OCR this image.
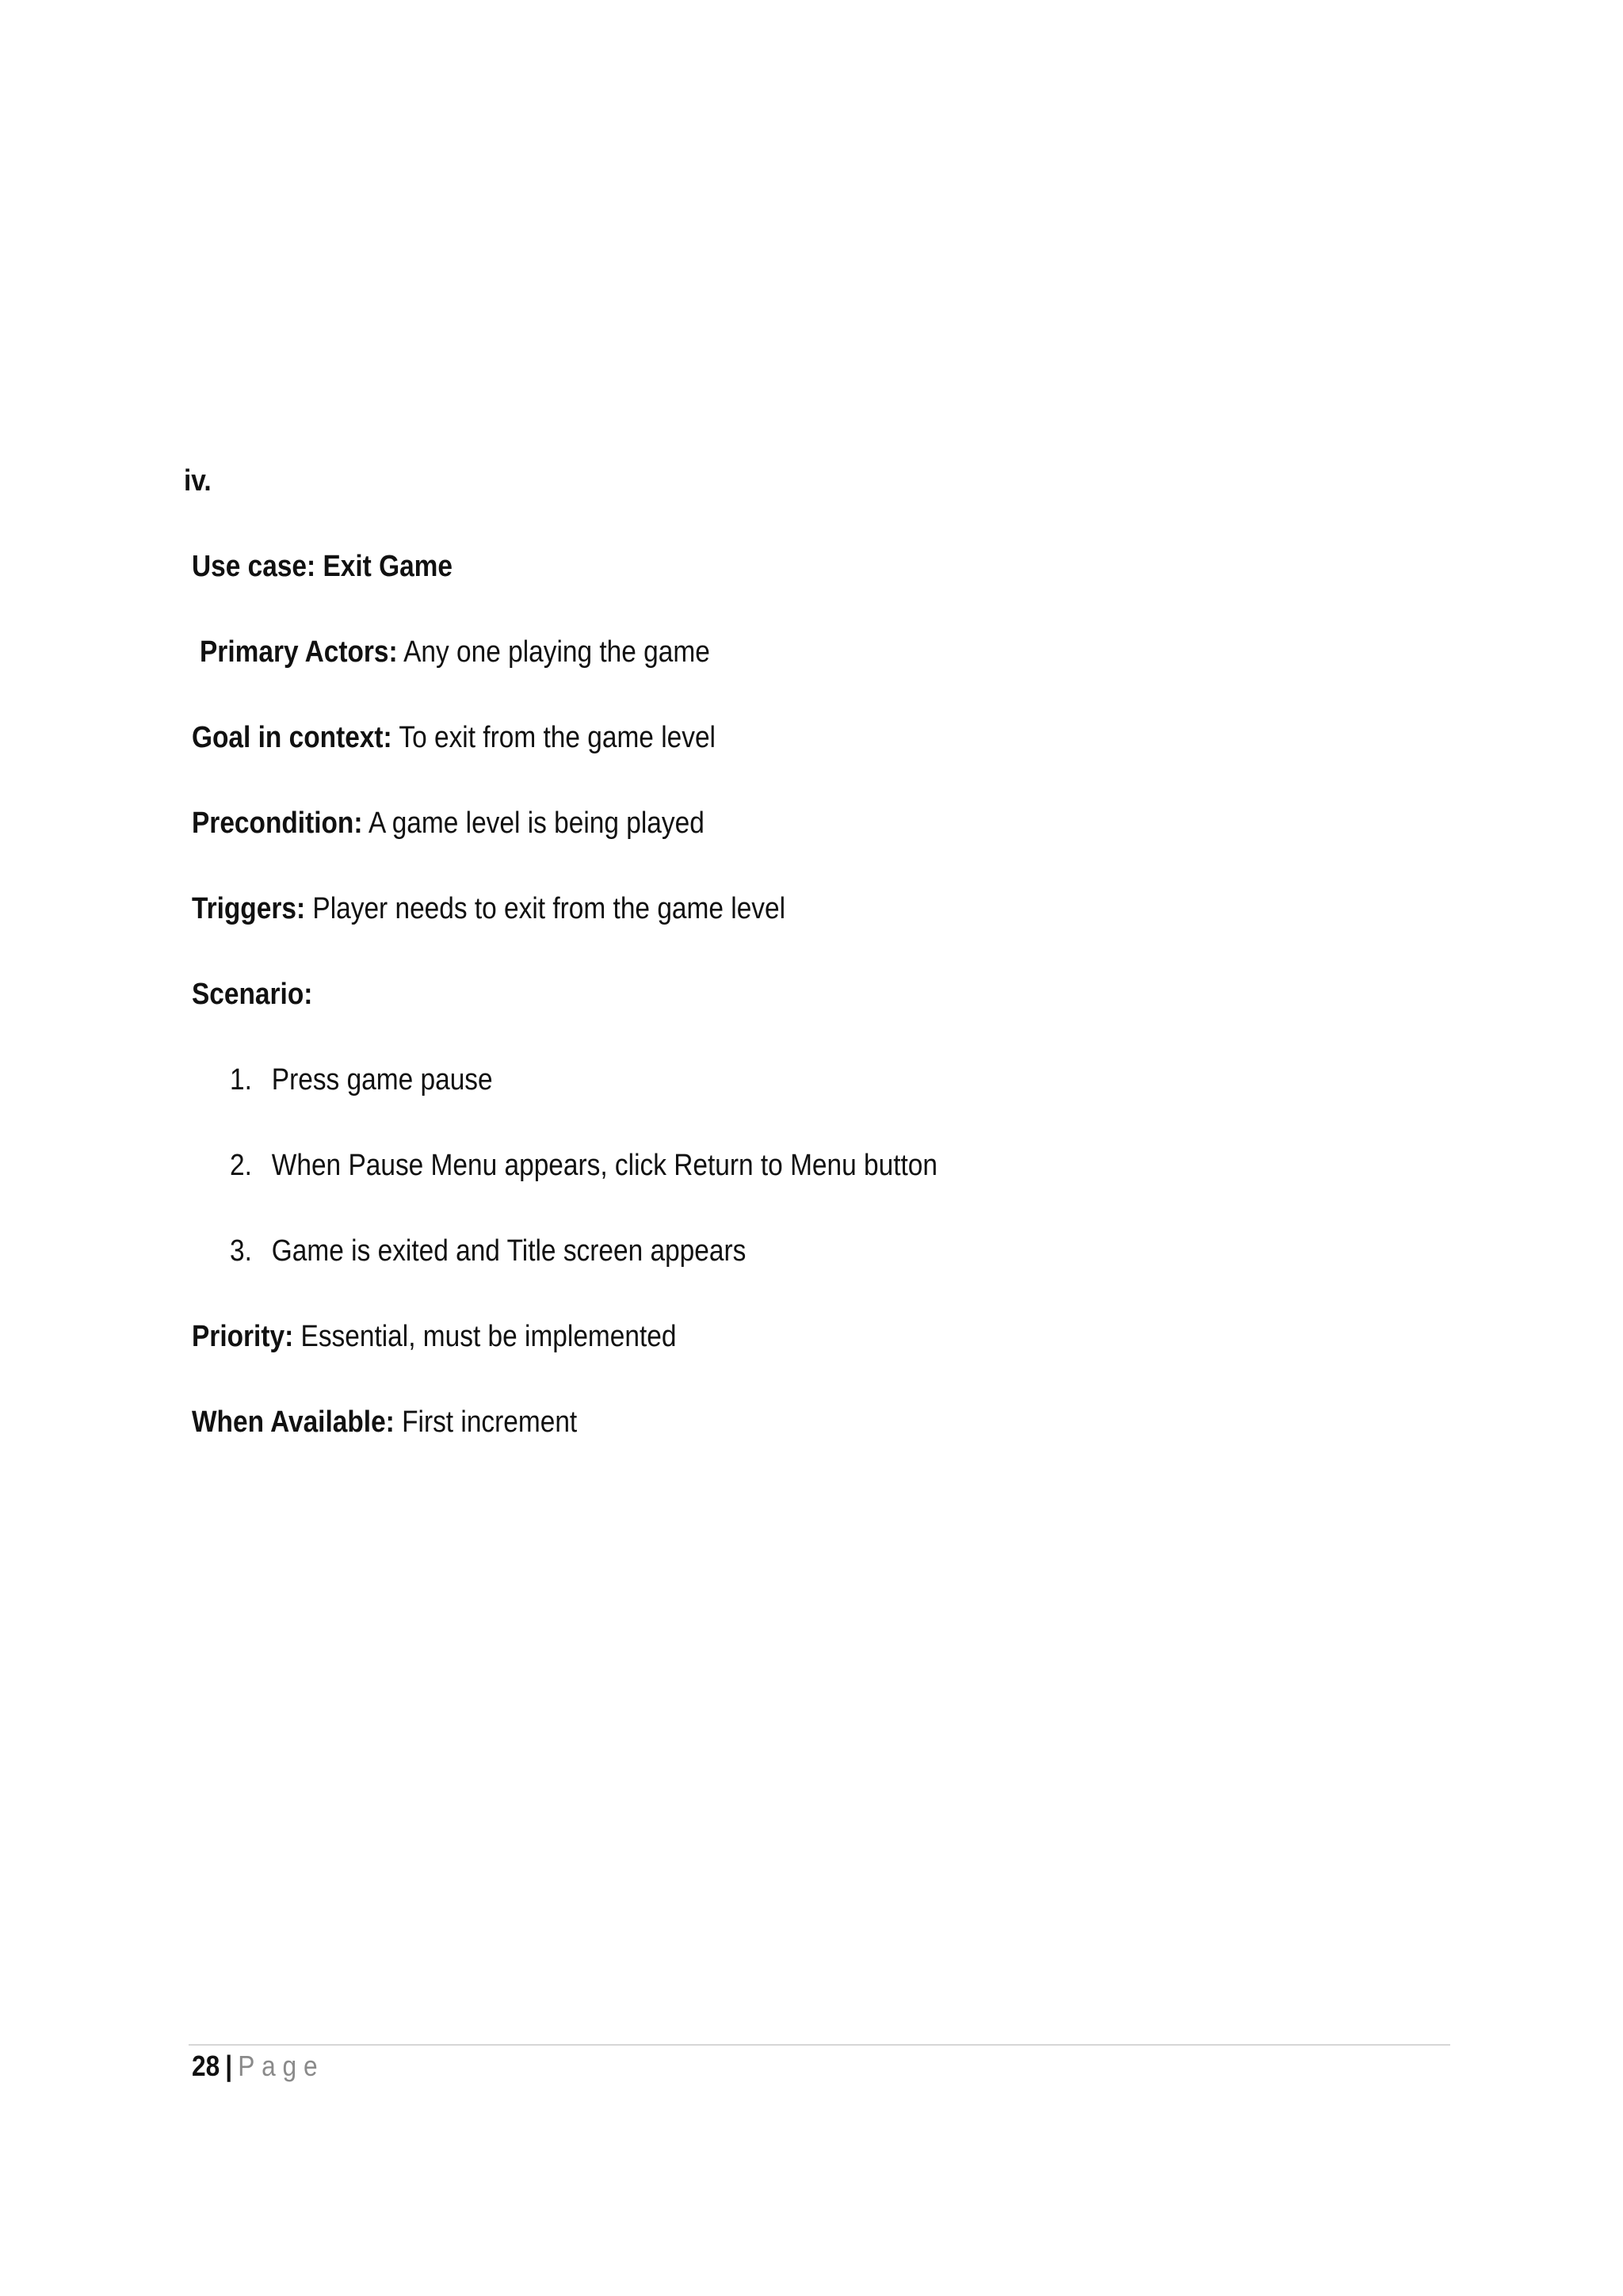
iv.
Use case: Exit Game
Primary Actors: Any one playing the game
Goal in context: To exit from the game level
Precondition: A game level is being played
Triggers: Player needs to exit from the game level
Scenario:
1. Press game pause
2. When Pause Menu appears, click Return to Menu button
3. Game is exited and Title screen appears
Priority: Essential, must be implemented
When Available: First increment
28 | Page
